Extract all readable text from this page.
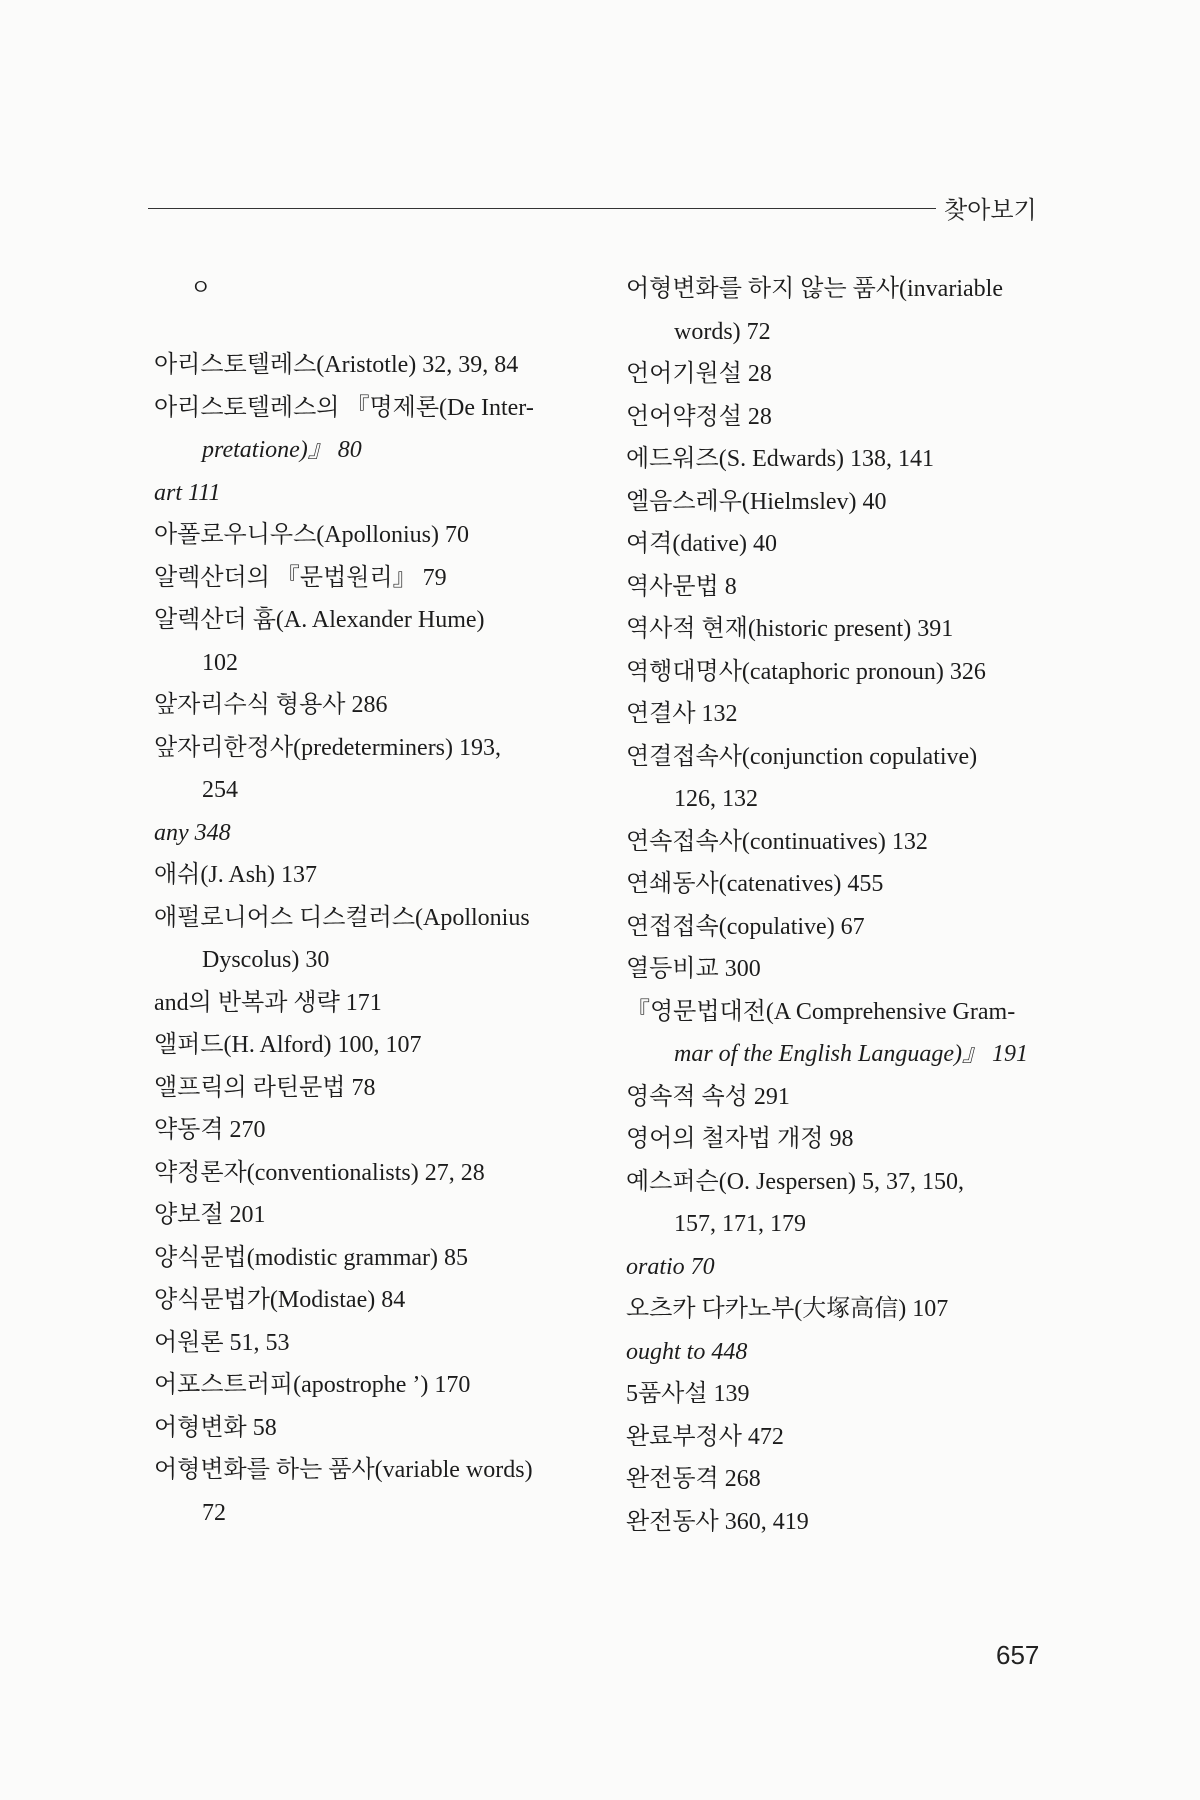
찾아보기
ㅇ
아리스토텔레스(Aristotle) 32, 39, 84
아리스토텔레스의 『명제론(De Inter-
pretatione)』 80
art 111
아폴로우니우스(Apollonius) 70
알렉산더의 『문법원리』 79
알렉산더 흄(A. Alexander Hume)
102
앞자리수식 형용사 286
앞자리한정사(predeterminers) 193,
254
any 348
애쉬(J. Ash) 137
애펄로니어스 디스컬러스(Apollonius
Dyscolus) 30
and의 반복과 생략 171
앨퍼드(H. Alford) 100, 107
앨프릭의 라틴문법 78
약동격 270
약정론자(conventionalists) 27, 28
양보절 201
양식문법(modistic grammar) 85
양식문법가(Modistae) 84
어원론 51, 53
어포스트러피(apostrophe ’) 170
어형변화 58
어형변화를 하는 품사(variable words)
72
어형변화를 하지 않는 품사(invariable
words) 72
언어기원설 28
언어약정설 28
에드워즈(S. Edwards) 138, 141
엘음스레우(Hielmslev) 40
여격(dative) 40
역사문법 8
역사적 현재(historic present) 391
역행대명사(cataphoric pronoun) 326
연결사 132
연결접속사(conjunction copulative)
126, 132
연속접속사(continuatives) 132
연쇄동사(catenatives) 455
연접접속(copulative) 67
열등비교 300
『영문법대전(A Comprehensive Gram-
mar of the English Language)』 191
영속적 속성 291
영어의 철자법 개정 98
예스퍼슨(O. Jespersen) 5, 37, 150,
157, 171, 179
oratio 70
오츠카 다카노부(大塚高信) 107
ought to 448
5품사설 139
완료부정사 472
완전동격 268
완전동사 360, 419
657
